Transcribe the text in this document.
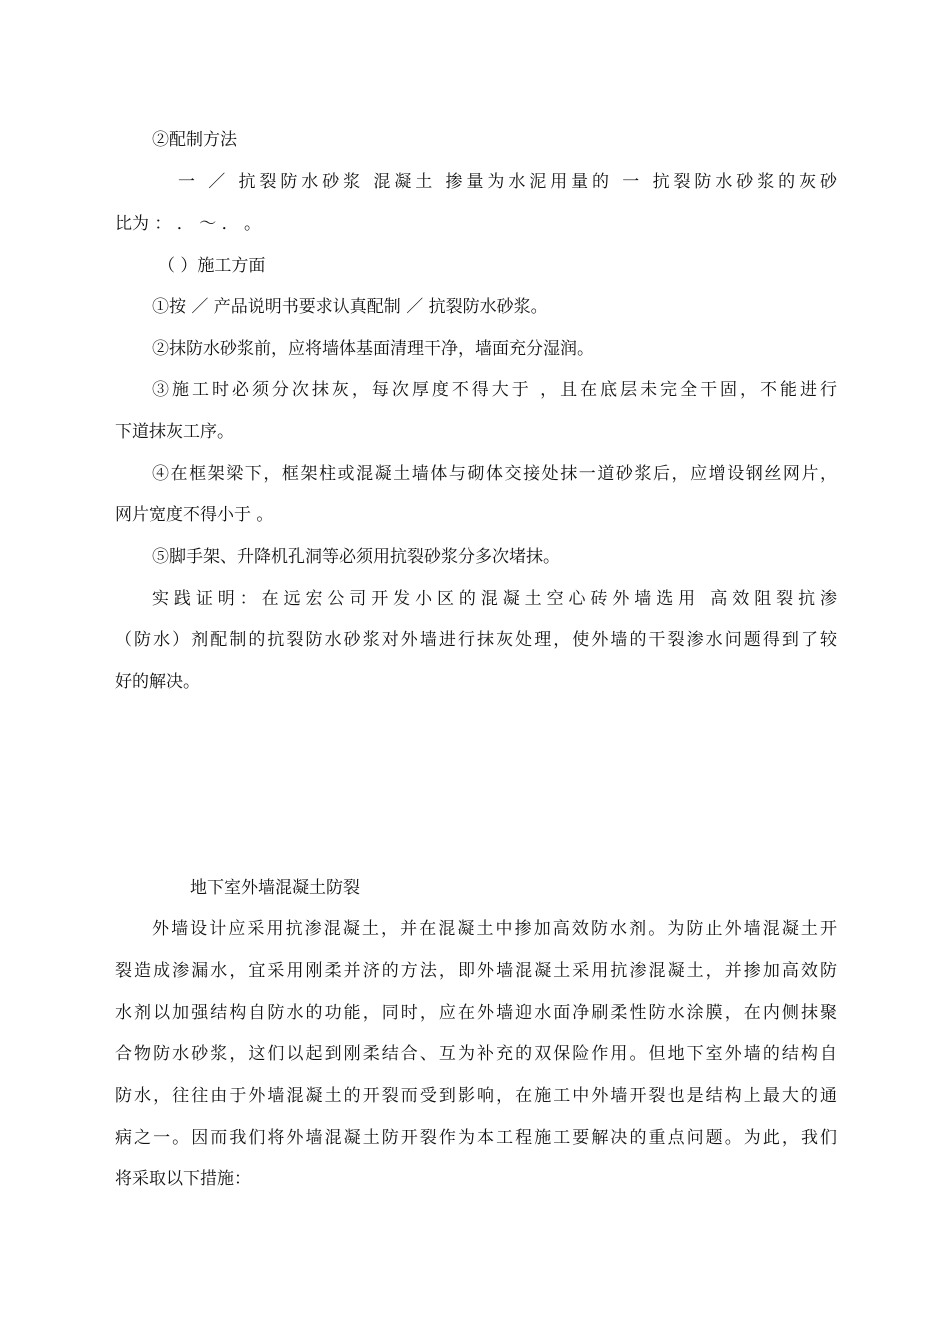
②配制方法
一 ／ 抗裂防水砂浆 混凝土 掺量为水泥用量的 一 抗裂防水砂浆的灰砂
比为 ： ． ～ ． 。
（ ）施工方面
①按 ／ 产品说明书要求认真配制 ／ 抗裂防水砂浆。
②抹防水砂浆前，应将墙体基面清理干净，墙面充分湿润。
③施工时必须分次抹灰，每次厚度不得大于 ，且在底层未完全干固，不能进行
下道抹灰工序。
④在框架梁下，框架柱或混凝土墙体与砌体交接处抹一道砂浆后，应增设钢丝网片，
网片宽度不得小于 。
⑤脚手架、升降机孔洞等必须用抗裂砂浆分多次堵抹。
实践证明：在远宏公司开发小区的混凝土空心砖外墙选用 高效阻裂抗渗
（防水）剂配制的抗裂防水砂浆对外墙进行抹灰处理，使外墙的干裂渗水问题得到了较
好的解决。
地下室外墙混凝土防裂
外墙设计应采用抗渗混凝土，并在混凝土中掺加高效防水剂。为防止外墙混凝土开
裂造成渗漏水，宜采用刚柔并济的方法，即外墙混凝土采用抗渗混凝土，并掺加高效防
水剂以加强结构自防水的功能，同时，应在外墙迎水面净刷柔性防水涂膜，在内侧抹聚
合物防水砂浆，这们以起到刚柔结合、互为补充的双保险作用。但地下室外墙的结构自
防水，往往由于外墙混凝土的开裂而受到影响，在施工中外墙开裂也是结构上最大的通
病之一。因而我们将外墙混凝土防开裂作为本工程施工要解决的重点问题。为此，我们
将采取以下措施：
